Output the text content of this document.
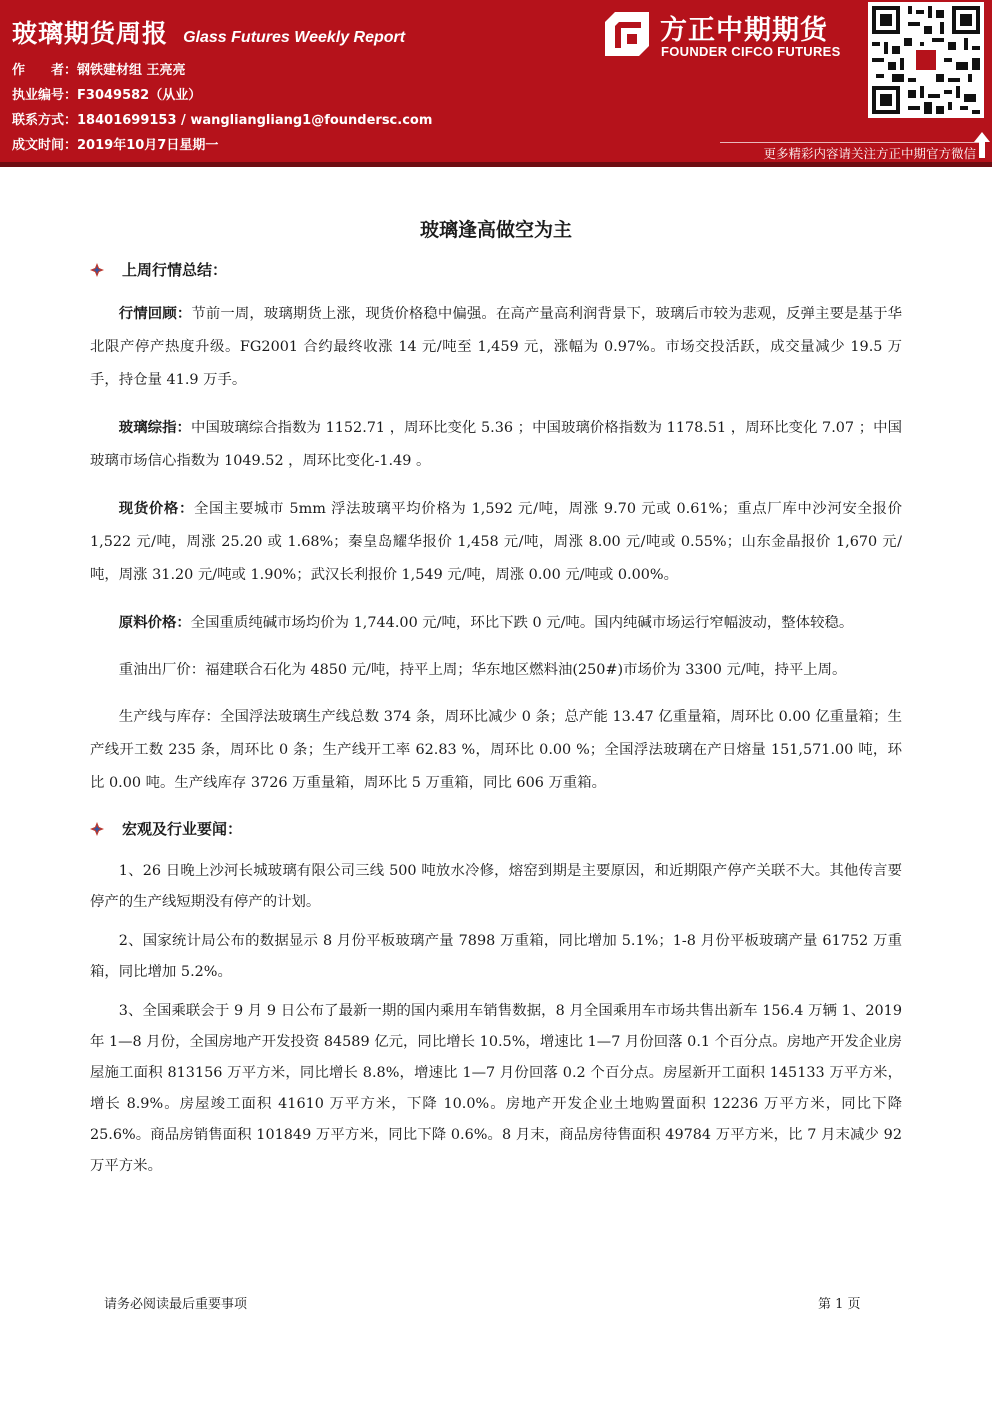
玻璃期货周报 Glass Futures Weekly Report
作　　者：钢铁建材组 王亮亮
执业编号：F3049582（从业）
联系方式：18401699153 / wangliangliang1@foundersc.com
成文时间：2019年10月7日星期一
方正中期期货
FOUNDER CIFCO FUTURES
更多精彩内容请关注方正中期官方微信
玻璃逢高做空为主
上周行情总结：

行情回顾：节前一周，玻璃期货上涨，现货价格稳中偏强。在高产量高利润背景下，玻璃后市较为悲观，反弹主要是基于华北限产停产热度升级。FG2001 合约最终收涨 14 元/吨至 1,459 元，涨幅为 0.97%。市场交投活跃，成交量减少 19.5 万手，持仓量 41.9 万手。

玻璃综指：中国玻璃综合指数为 1152.71 ，周环比变化 5.36 ；中国玻璃价格指数为 1178.51 ，周环比变化 7.07 ；中国玻璃市场信心指数为 1049.52 ，周环比变化-1.49 。

现货价格：全国主要城市 5mm 浮法玻璃平均价格为 1,592 元/吨，周涨 9.70 元或 0.61%；重点厂库中沙河安全报价 1,522 元/吨，周涨 25.20 或 1.68%；秦皇岛耀华报价 1,458 元/吨，周涨 8.00 元/吨或 0.55%；山东金晶报价 1,670 元/吨，周涨 31.20 元/吨或 1.90%；武汉长利报价 1,549 元/吨，周涨 0.00 元/吨或 0.00%。

原料价格：全国重质纯碱市场均价为 1,744.00 元/吨，环比下跌 0 元/吨。国内纯碱市场运行窄幅波动，整体较稳。

重油出厂价：福建联合石化为 4850 元/吨，持平上周；华东地区燃料油(250#)市场价为 3300 元/吨，持平上周。

生产线与库存：全国浮法玻璃生产线总数 374 条，周环比减少 0 条；总产能 13.47 亿重量箱，周环比 0.00 亿重量箱；生产线开工数 235 条，周环比 0 条；生产线开工率 62.83 %，周环比 0.00 %；全国浮法玻璃在产日熔量 151,571.00 吨，环比 0.00 吨。生产线库存 3726 万重量箱，周环比 5 万重箱，同比 606 万重箱。

宏观及行业要闻：

1、26 日晚上沙河长城玻璃有限公司三线 500 吨放水冷修，熔窑到期是主要原因，和近期限产停产关联不大。其他传言要停产的生产线短期没有停产的计划。

2、国家统计局公布的数据显示 8 月份平板玻璃产量 7898 万重箱，同比增加 5.1%；1-8 月份平板玻璃产量 61752 万重箱，同比增加 5.2%。

3、全国乘联会于 9 月 9 日公布了最新一期的国内乘用车销售数据，8 月全国乘用车市场共售出新车 156.4 万辆 1、2019 年 1—8 月份，全国房地产开发投资 84589 亿元，同比增长 10.5%，增速比 1—7 月份回落 0.1 个百分点。房地产开发企业房屋施工面积 813156 万平方米，同比增长 8.8%，增速比 1—7 月份回落 0.2 个百分点。房屋新开工面积 145133 万平方米，增长 8.9%。房屋竣工面积 41610 万平方米，下降 10.0%。房地产开发企业土地购置面积 12236 万平方米，同比下降 25.6%。商品房销售面积 101849 万平方米，同比下降 0.6%。8 月末，商品房待售面积 49784 万平方米，比 7 月末减少 92 万平方米。

请务必阅读最后重要事项	第 1 页
